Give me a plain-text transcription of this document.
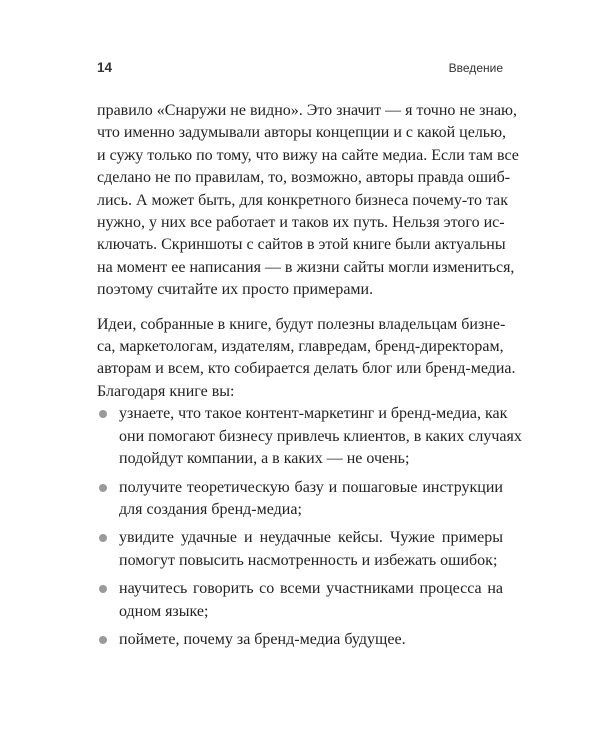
14	Введение
правило «Снаружи не видно». Это значит — я точно не знаю,
что именно задумывали авторы концепции и с какой целью,
и сужу только по тому, что вижу на сайте медиа. Если там все
сделано не по правилам, то, возможно, авторы правда ошиб-
лись. А может быть, для конкретного бизнеса почему-то так
нужно, у них все работает и таков их путь. Нельзя этого ис-
ключать. Скриншоты с сайтов в этой книге были актуальны
на момент ее написания — в жизни сайты могли измениться,
поэтому считайте их просто примерами.
Идеи, собранные в книге, будут полезны владельцам бизне-
са, маркетологам, издателям, главредам, бренд-директорам,
авторам и всем, кто собирается делать блог или бренд-медиа.
Благодаря книге вы:
узнаете, что такое контент-маркетинг и бренд-медиа, как
они помогают бизнесу привлечь клиентов, в каких случаях
подойдут компании, а в каких — не очень;
получите теоретическую базу и пошаговые инструкции
для создания бренд-медиа;
увидите удачные и неудачные кейсы. Чужие примеры
помогут повысить насмотренность и избежать ошибок;
научитесь говорить со всеми участниками процесса на
одном языке;
поймете, почему за бренд-медиа будущее.
